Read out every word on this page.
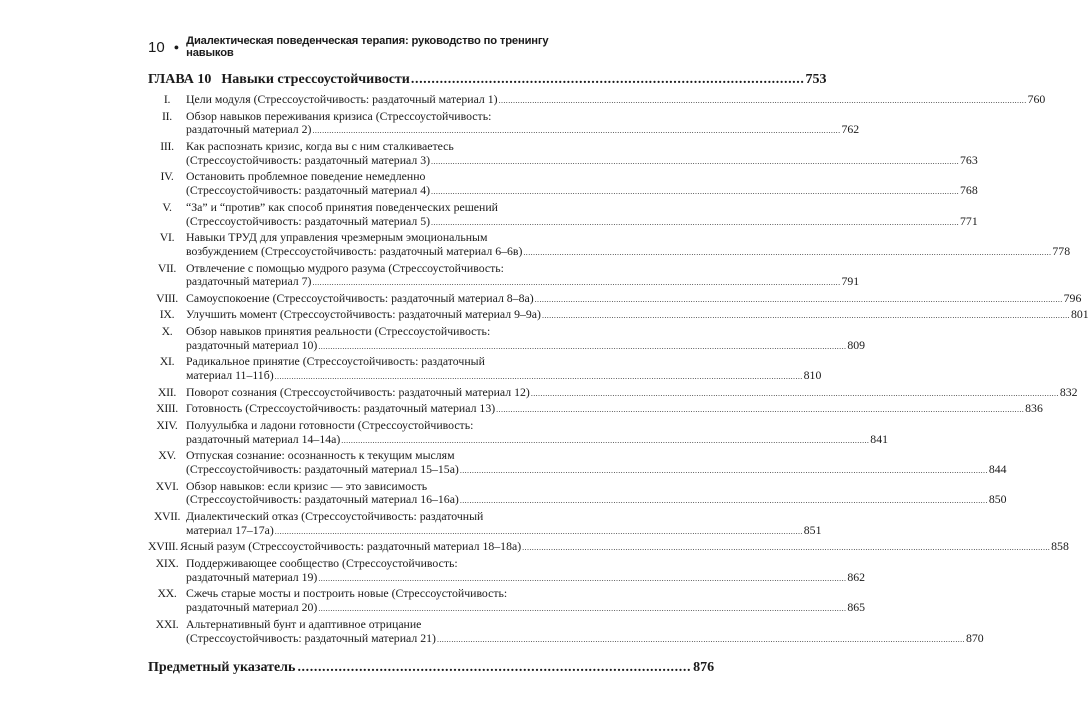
10 ● Диалектическая поведенческая терапия: руководство по тренингу навыков
ГЛАВА 10 Навыки стрессоустойчивости ................................................................................................ 753
I.	Цели модуля (Стрессоустойчивость: раздаточный материал 1) ............................................................................................................................................................................................................................ 760
II.	Обзор навыков переживания кризиса (Стрессоустойчивость:
раздаточный материал 2) ............................................................................................................................................................................................................................ 762
III.	Как распознать кризис, когда вы с ним сталкиваетесь
(Стрессоустойчивость: раздаточный материал 3) ............................................................................................................................................................................................................................ 763
IV.	Остановить проблемное поведение немедленно
(Стрессоустойчивость: раздаточный материал 4) ............................................................................................................................................................................................................................ 768
V.	“За” и “против” как способ принятия поведенческих решений
(Стрессоустойчивость: раздаточный материал 5) ............................................................................................................................................................................................................................ 771
VI. Навыки ТРУД для управления чрезмерным эмоциональным
возбуждением (Стрессоустойчивость: раздаточный материал 6–6в) ............................................................................................................................................................................................................................ 778
VII. Отвлечение с помощью мудрого разума (Стрессоустойчивость:
раздаточный материал 7) ............................................................................................................................................................................................................................ 791
VIII. Самоуспокоение (Стрессоустойчивость: раздаточный материал 8–8а) ............................................................................................................................................................................................................................ 796
IX. Улучшить момент (Стрессоустойчивость: раздаточный материал 9–9а) ............................................................................................................................................................................................................................ 801
X.	Обзор навыков принятия реальности (Стрессоустойчивость:
раздаточный материал 10) ............................................................................................................................................................................................................................ 809
XI. Радикальное принятие (Стрессоустойчивость: раздаточный
материал 11–11б) ............................................................................................................................................................................................................................ 810
XII. Поворот сознания (Стрессоустойчивость: раздаточный материал 12) ............................................................................................................................................................................................................................ 832
XIII. Готовность (Стрессоустойчивость: раздаточный материал 13) ............................................................................................................................................................................................................................ 836
XIV. Полуулыбка и ладони готовности (Стрессоустойчивость:
раздаточный материал 14–14а) ............................................................................................................................................................................................................................ 841
XV. Отпуская сознание: осознанность к текущим мыслям
(Стрессоустойчивость: раздаточный материал 15–15а) ............................................................................................................................................................................................................................ 844
XVI. Обзор навыков: если кризис — это зависимость
(Стрессоустойчивость: раздаточный материал 16–16а) ............................................................................................................................................................................................................................ 850
XVII. Диалектический отказ (Стрессоустойчивость: раздаточный
материал 17–17а) ............................................................................................................................................................................................................................ 851
XVIII. Ясный разум (Стрессоустойчивость: раздаточный материал 18–18а) ............................................................................................................................................................................................................................ 858
XIX. Поддерживающее сообщество (Стрессоустойчивость:
раздаточный материал 19) ............................................................................................................................................................................................................................ 862
XX. Сжечь старые мосты и построить новые (Стрессоустойчивость:
раздаточный материал 20) ............................................................................................................................................................................................................................ 865
XXI. Альтернативный бунт и адаптивное отрицание
(Стрессоустойчивость: раздаточный материал 21) ............................................................................................................................................................................................................................ 870
Предметный указатель ................................................................................................ 876
